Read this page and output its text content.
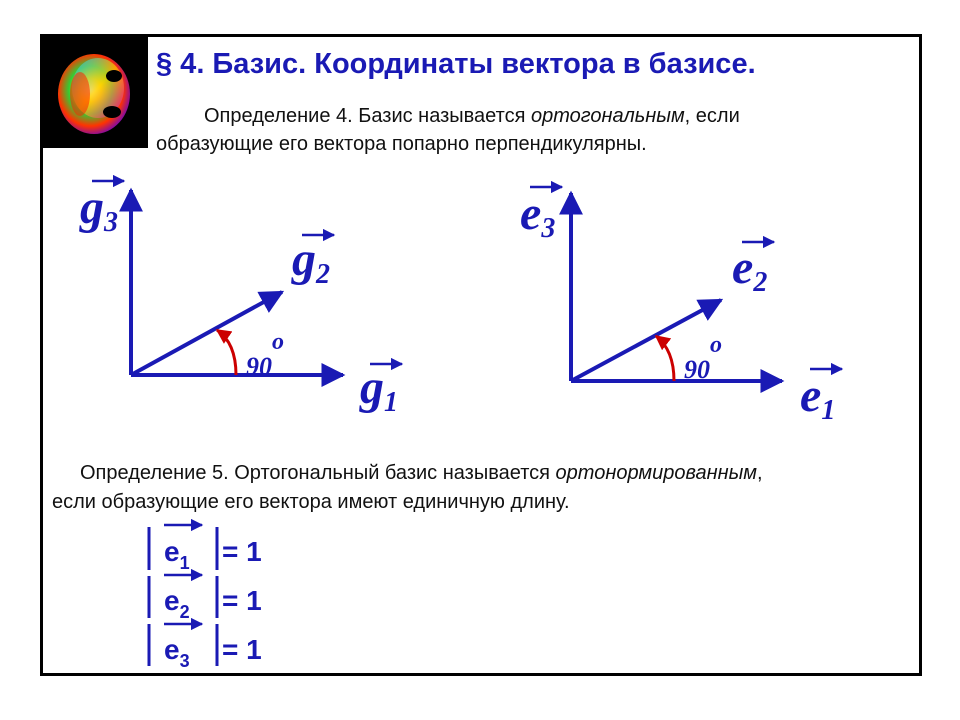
§ 4. Базис. Координаты вектора в базисе.

Определение 4. Базис называется ортогональным, если

образующие его вектора попарно перпендикулярны.

g1
g2
g3
90o
e1
e2
e3
90o

Определение 5. Ортогональный базис называется ортонормированным,

если образующие его вектора имеют единичную длину.

$e_1 = 1$
$e_2 = 1$
$e_3 = 1$
